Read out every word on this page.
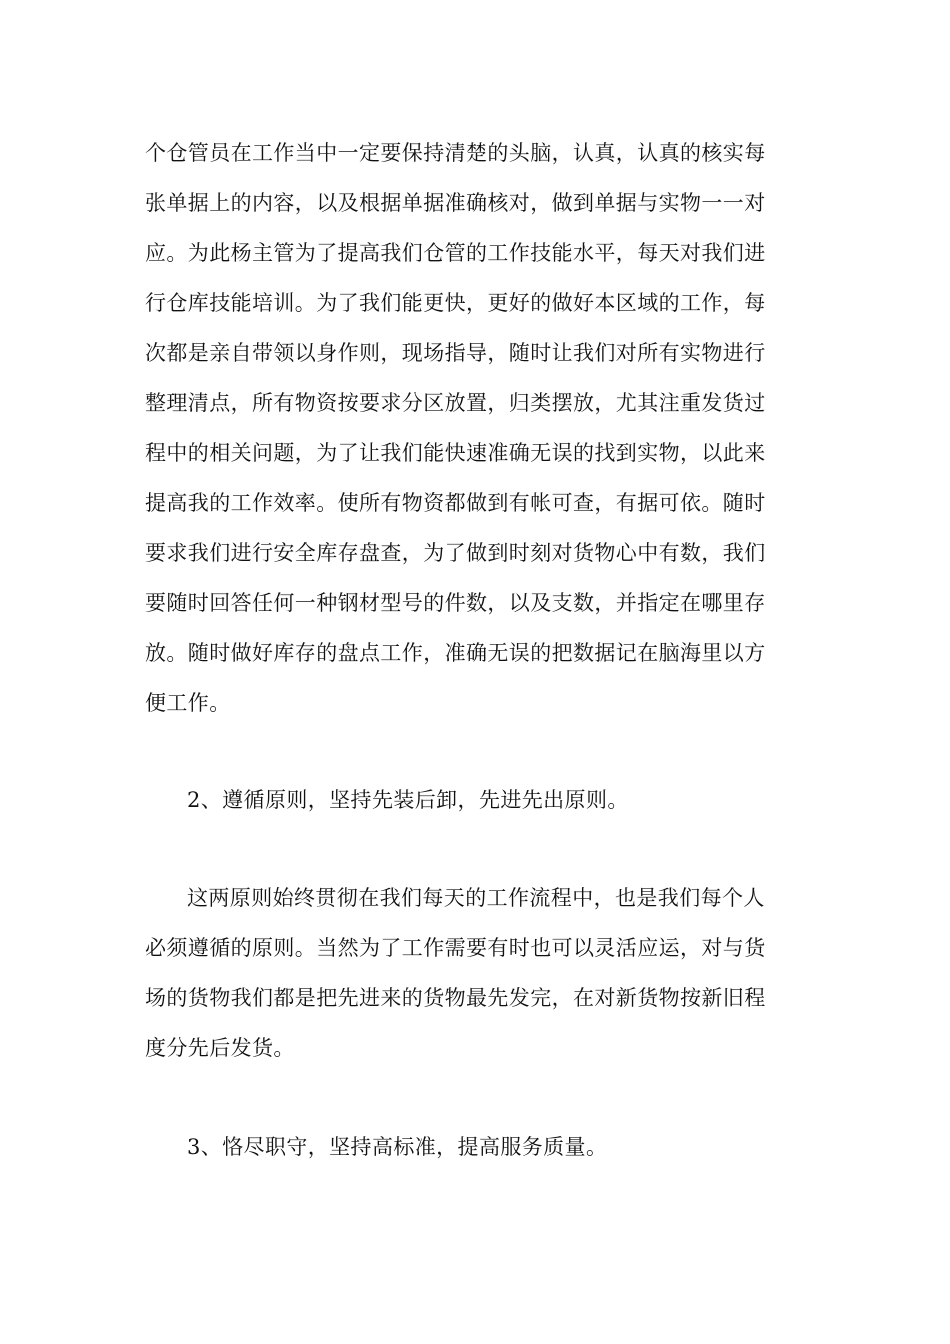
个仓管员在工作当中一定要保持清楚的头脑，认真，认真的核实每
张单据上的内容，以及根据单据准确核对，做到单据与实物一一对
应。为此杨主管为了提高我们仓管的工作技能水平，每天对我们进
行仓库技能培训。为了我们能更快，更好的做好本区域的工作，每
次都是亲自带领以身作则，现场指导，随时让我们对所有实物进行
整理清点，所有物资按要求分区放置，归类摆放，尤其注重发货过
程中的相关问题，为了让我们能快速准确无误的找到实物，以此来
提高我的工作效率。使所有物资都做到有帐可查，有据可依。随时
要求我们进行安全库存盘查，为了做到时刻对货物心中有数，我们
要随时回答任何一种钢材型号的件数，以及支数，并指定在哪里存
放。随时做好库存的盘点工作，准确无误的把数据记在脑海里以方
便工作。
2、遵循原则，坚持先装后卸，先进先出原则。
这两原则始终贯彻在我们每天的工作流程中，也是我们每个人
必须遵循的原则。当然为了工作需要有时也可以灵活应运，对与货
场的货物我们都是把先进来的货物最先发完，在对新货物按新旧程
度分先后发货。
3、恪尽职守，坚持高标准，提高服务质量。
